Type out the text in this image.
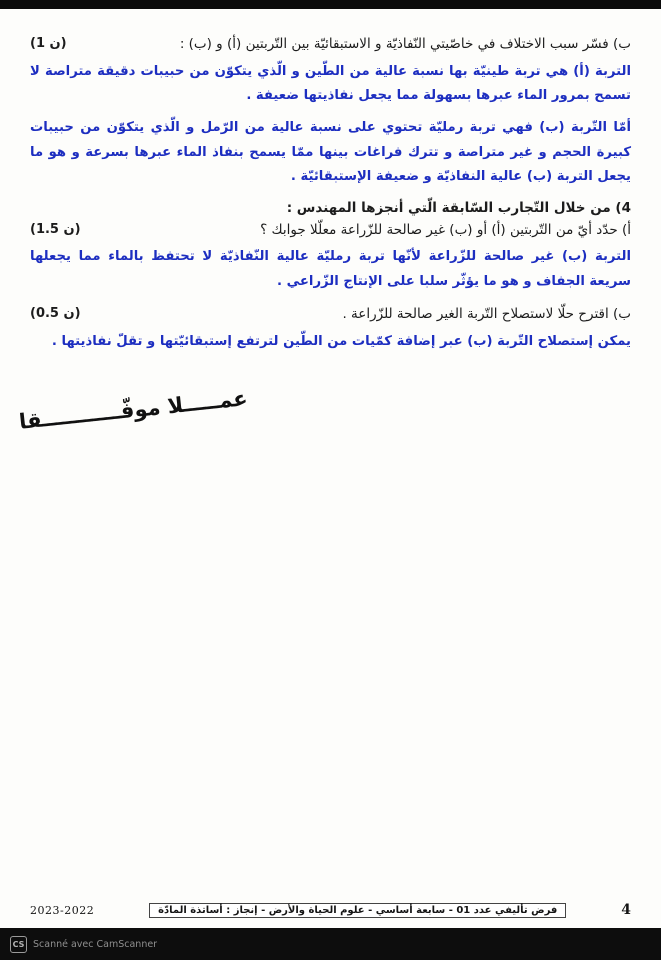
ب) فسّر سبب الاختلاف في خاصّيتي النّفاذيّة و الاستبقائيّة بين التّربتين (أ) و (ب) :
(1 ن)
التربة (أ) هي تربة طينيّة بها نسبة عالية من الطّين و الّذي يتكوّن من حبيبات دقيقة متراصة لا تسمح بمرور الماء عبرها بسهولة مما يجعل نفاذيتها ضعيفة .
أمّا التّربة (ب) فهي تربة رمليّة تحتوي على نسبة عالية من الرّمل و الّذي يتكوّن من حبيبات كبيرة الحجم و غير متراصة و تترك فراغات بينها ممّا يسمح بنفاذ الماء عبرها بسرعة و هو ما يجعل التربة (ب) عالية النفاذيّة و ضعيفة الإستبقائيّة .
4) من خلال التّجارب السّابقة الّتي أنجزها المهندس :
أ) حدّد أيّ من التّربتين (أ) أو (ب) غير صالحة للزّراعة معلّلا جوابك ؟
(1.5 ن)
التربة (ب) غير صالحة للزّراعة لأنّها تربة رمليّة عالية النّفاذيّة لا تحتفظ بالماء مما يجعلها سريعة الجفاف و هو ما يؤثّر سلبا على الإنتاج الزّراعي .
ب) اقترح حلّا لاستصلاح التّربة الغير صالحة للزّراعة .
(0.5 ن)
يمكن إستصلاح التّربة (ب) عبر إضافة كمّيات من الطّين لترتفع إستبقائيّتها و تقلّ نفاذيتها .
عمـــــلا موفّـــــــــــقا
2023-2022	فرض تأليفي عدد 01 - سابعة أساسي - علوم الحياة والأرض - إنجاز : أساتذة المادّة	4
CS Scanné avec CamScanner
